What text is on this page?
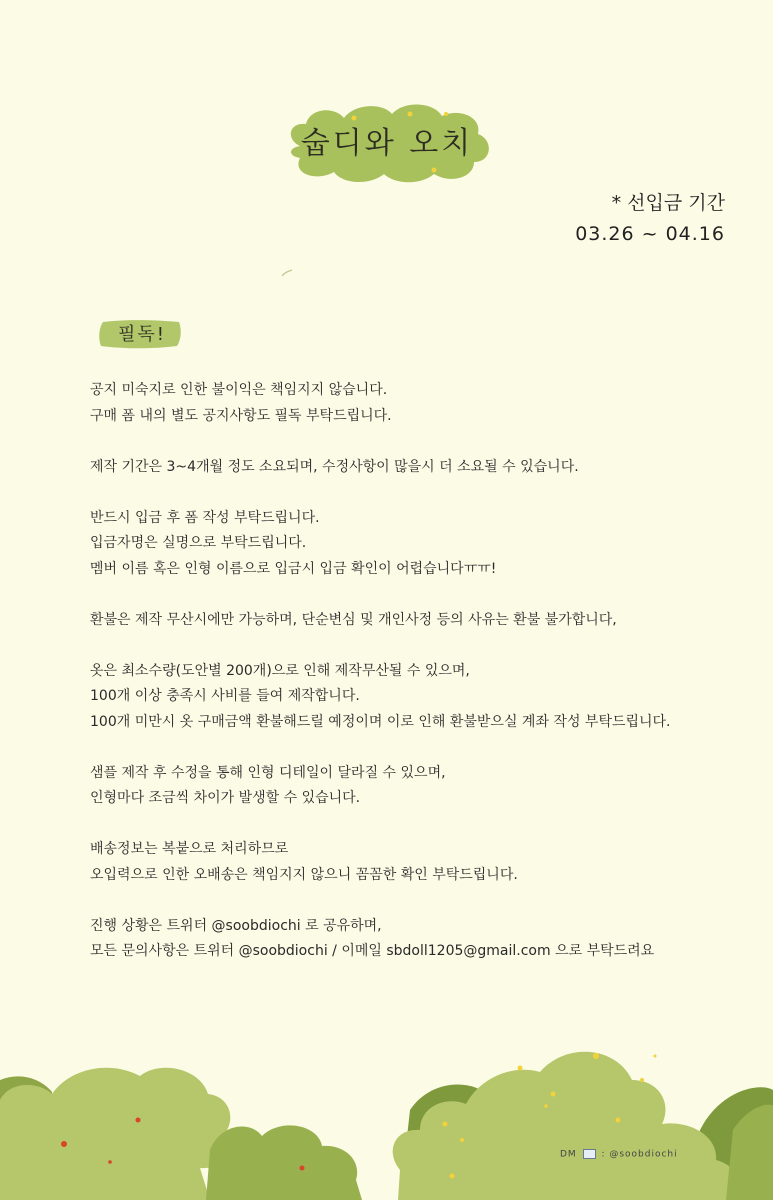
숩디와 오치
* 선입금 기간
03.26 ~ 04.16
필독!

공지 미숙지로 인한 불이익은 책임지지 않습니다.
구매 폼 내의 별도 공지사항도 필독 부탁드립니다.

제작 기간은 3~4개월 정도 소요되며, 수정사항이 많을시 더 소요될 수 있습니다.

반드시 입금 후 폼 작성 부탁드립니다.
입금자명은 실명으로 부탁드립니다.
멤버 이름 혹은 인형 이름으로 입금시 입금 확인이 어렵습니다ㅠㅠ!

환불은 제작 무산시에만 가능하며, 단순변심 및 개인사정 등의 사유는 환불 불가합니다,

옷은 최소수량(도안별 200개)으로 인해 제작무산될 수 있으며,
100개 이상 충족시 사비를 들여 제작합니다.
100개 미만시 옷 구매금액 환불해드릴 예정이며 이로 인해 환불받으실 계좌 작성 부탁드립니다.

샘플 제작 후 수정을 통해 인형 디테일이 달라질 수 있으며,
인형마다 조금씩 차이가 발생할 수 있습니다.

배송정보는 복붙으로 처리하므로
오입력으로 인한 오배송은 책임지지 않으니 꼼꼼한 확인 부탁드립니다.

진행 상황은 트위터 @soobdiochi 로 공유하며,
모든 문의사항은 트위터 @soobdiochi / 이메일 sbdoll1205@gmail.com 으로 부탁드려요

DM	: @soobdiochi
